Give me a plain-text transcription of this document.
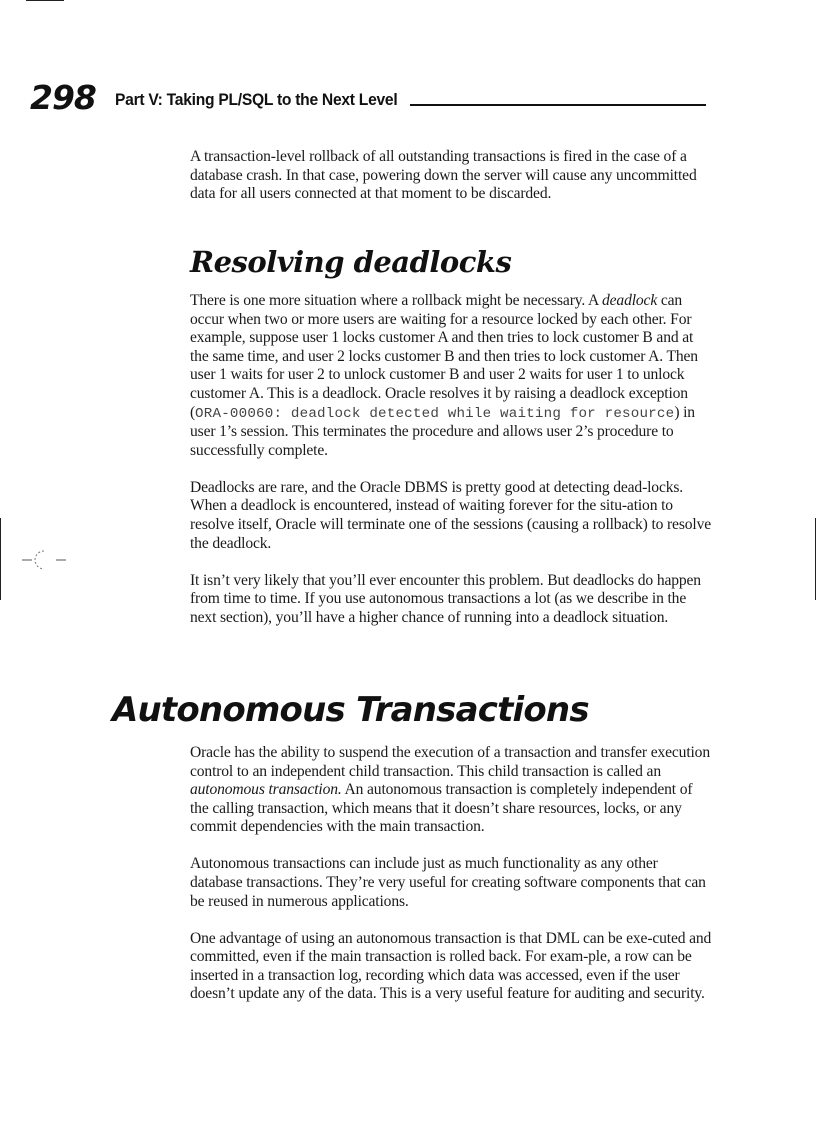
298 Part V: Taking PL/SQL to the Next Level

A transaction-level rollback of all outstanding transactions is fired in the case of a database crash. In that case, powering down the server will cause any uncommitted data for all users connected at that moment to be discarded.

Resolving deadlocks

There is one more situation where a rollback might be necessary. A deadlock can occur when two or more users are waiting for a resource locked by each other. For example, suppose user 1 locks customer A and then tries to lock customer B and at the same time, and user 2 locks customer B and then tries to lock customer A. Then user 1 waits for user 2 to unlock customer B and user 2 waits for user 1 to unlock customer A. This is a deadlock. Oracle resolves it by raising a deadlock exception (ORA-00060: deadlock detected while waiting for resource) in user 1’s session. This terminates the procedure and allows user 2’s procedure to successfully complete.

Deadlocks are rare, and the Oracle DBMS is pretty good at detecting dead-locks. When a deadlock is encountered, instead of waiting forever for the situ-ation to resolve itself, Oracle will terminate one of the sessions (causing a rollback) to resolve the deadlock.

It isn’t very likely that you’ll ever encounter this problem. But deadlocks do happen from time to time. If you use autonomous transactions a lot (as we describe in the next section), you’ll have a higher chance of running into a deadlock situation.

Autonomous Transactions

Oracle has the ability to suspend the execution of a transaction and transfer execution control to an independent child transaction. This child transaction is called an autonomous transaction. An autonomous transaction is completely independent of the calling transaction, which means that it doesn’t share resources, locks, or any commit dependencies with the main transaction.

Autonomous transactions can include just as much functionality as any other database transactions. They’re very useful for creating software components that can be reused in numerous applications.

One advantage of using an autonomous transaction is that DML can be exe-cuted and committed, even if the main transaction is rolled back. For exam-ple, a row can be inserted in a transaction log, recording which data was accessed, even if the user doesn’t update any of the data. This is a very useful feature for auditing and security.
